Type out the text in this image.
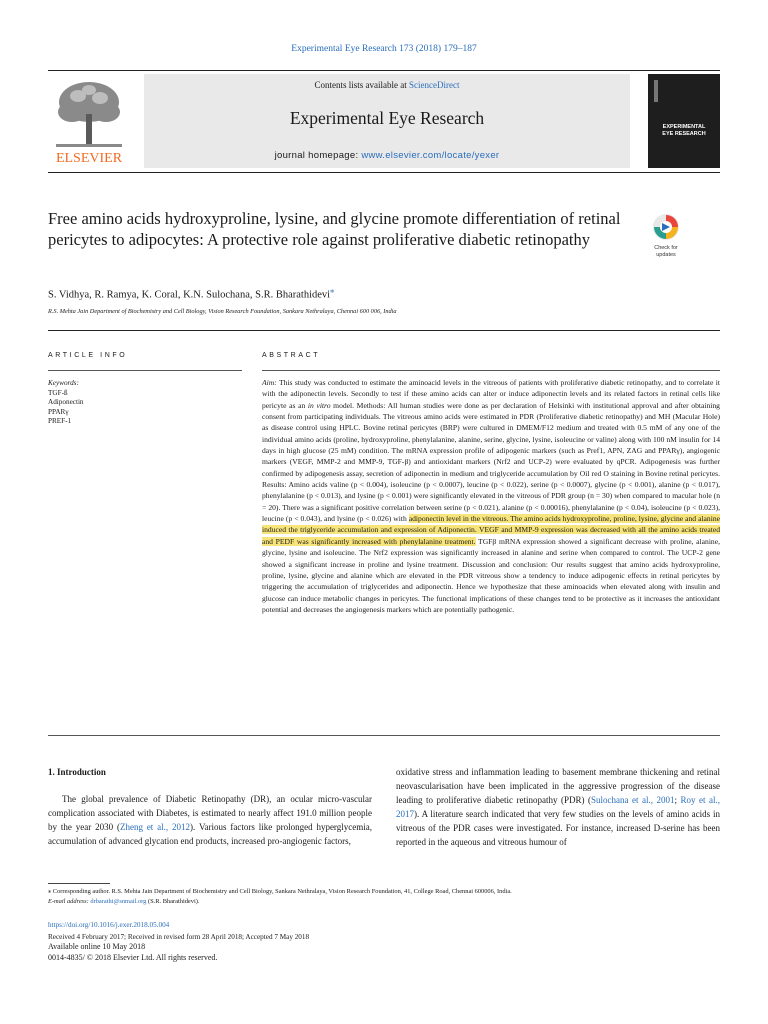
Experimental Eye Research 173 (2018) 179–187
ELSEVIER
Contents lists available at ScienceDirect
Experimental Eye Research
journal homepage: www.elsevier.com/locate/yexer
EXPERIMENTAL
EYE RESEARCH
Free amino acids hydroxyproline, lysine, and glycine promote differentiation of retinal pericytes to adipocytes: A protective role against proliferative diabetic retinopathy	Check for
updates
S. Vidhya, R. Ramya, K. Coral, K.N. Sulochana, S.R. Bharathidevi⁎
R.S. Mehta Jain Department of Biochemistry and Cell Biology, Vision Research Foundation, Sankara Nethralaya, Chennai 600 006, India
ARTICLE INFO	ABSTRACT
Keywords:
TGF-ß
Adiponectin
PPARγ
PREF-1
Aim: This study was conducted to estimate the aminoacid levels in the vitreous of patients with proliferative diabetic retinopathy, and to correlate it with the adiponectin levels. Secondly to test if these amino acids can alter or induce adiponectin levels and its related factors in retinal cells like pericyte as an in vitro model. Methods: All human studies were done as per declaration of Helsinki with institutional approval and after obtaining consent from participating individuals. The vitreous amino acids were estimated in PDR (Proliferative diabetic retinopathy) and MH (Macular Hole) as disease control using HPLC. Bovine retinal pericytes (BRP) were cultured in DMEM/F12 medium and treated with 0.5 mM of any one of the individual amino acids (proline, hydroxyproline, phenylalanine, alanine, serine, glycine, lysine, isoleucine or valine) along with 100 nM insulin for 14 days in high glucose (25 mM) condition. The mRNA expression profile of adipogenic markers (such as Pref1, APN, ZAG and PPARγ), angiogenic markers (VEGF, MMP-2 and MMP-9, TGF-β) and antioxidant markers (Nrf2 and UCP-2) were evaluated by qPCR. Adipogenesis was further confirmed by adipogenesis assay, secretion of adiponectin in medium and triglyceride accumulation by Oil red O staining in Bovine retinal pericytes. Results: Amino acids valine (p < 0.004), isoleucine (p < 0.0007), leucine (p < 0.022), serine (p < 0.0007), glycine (p < 0.001), alanine (p < 0.017), phenylalanine (p < 0.013), and lysine (p < 0.001) were significantly elevated in the vitreous of PDR group (n = 30) when compared to macular hole (n = 20). There was a significant positive correlation between serine (p < 0.021), alanine (p < 0.00016), phenylalanine (p < 0.04), isoleucine (p < 0.023), leucine (p < 0.043), and lysine (p < 0.026) with adiponectin level in the vitreous. The amino acids hydroxyproline, proline, lysine, glycine and alanine induced the triglyceride accumulation and expression of Adiponectin. VEGF and MMP-9 expression was decreased with all the amino acids treated and PEDF was significantly increased with phenylalanine treatment. TGFβ mRNA expression showed a significant decrease with proline, alanine, glycine, lysine and isoleucine. The Nrf2 expression was significantly increased in alanine and serine when compared to control. The UCP-2 gene showed a significant increase in proline and lysine treatment. Discussion and conclusion: Our results suggest that amino acids hydroxyproline, proline, lysine, glycine and alanine which are elevated in the PDR vitreous show a tendency to induce adipogenic effects in retinal pericytes by triggering the accumulation of triglycerides and adiponectin. Hence we hypothesize that these aminoacids when elevated along with insulin and glucose can induce metabolic changes in pericytes. The functional implications of these changes tend to be protective as it increases the antioxidant potential and decreases the angiogenesis markers which are potentially pathogenic.
1. Introduction

The global prevalence of Diabetic Retinopathy (DR), an ocular micro-vascular complication associated with Diabetes, is estimated to nearly affect 191.0 million people by the year 2030 (Zheng et al., 2012). Various factors like prolonged hyperglycemia, accumulation of advanced glycation end products, increased pro-angiogenic factors,

oxidative stress and inflammation leading to basement membrane thickening and retinal neovascularisation have been implicated in the aggressive progression of the disease leading to proliferative diabetic retinopathy (PDR) (Sulochana et al., 2001; Roy et al., 2017). A literature search indicated that very few studies on the levels of amino acids in vitreous of the PDR cases were investigated. For instance, increased D-serine has been reported in the aqueous and vitreous humour of

⁎ Corresponding author. R.S. Mehta Jain Department of Biochemistry and Cell Biology, Sankara Nethralaya, Vision Research Foundation, 41, College Road, Chennai 600006, India.
E-mail address: drbarathi@snmail.org (S.R. Bharathidevi).
https://doi.org/10.1016/j.exer.2018.05.004
Received 4 February 2017; Received in revised form 28 April 2018; Accepted 7 May 2018
Available online 10 May 2018
0014-4835/ © 2018 Elsevier Ltd. All rights reserved.
